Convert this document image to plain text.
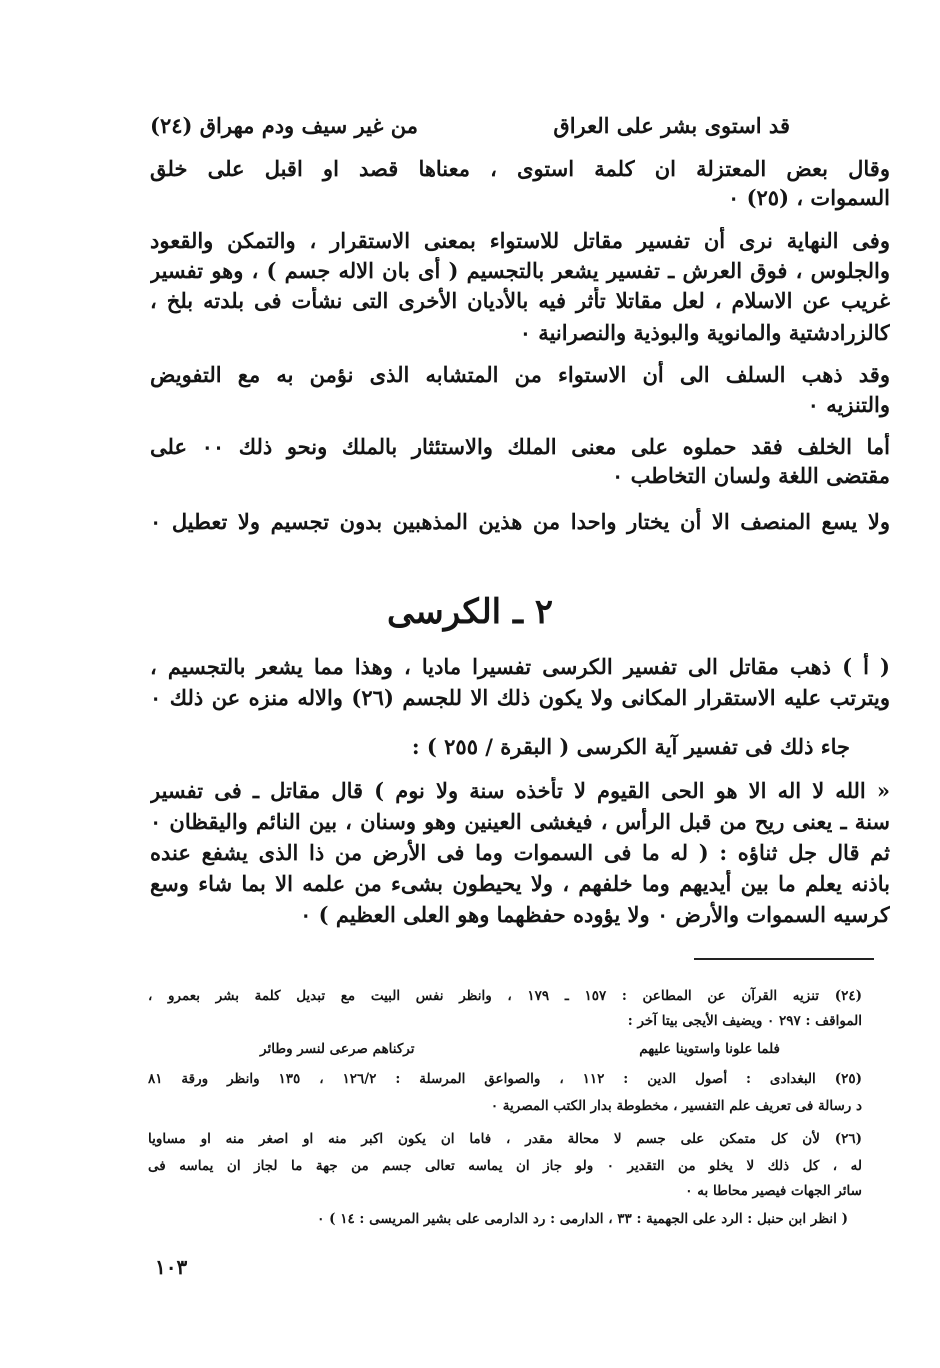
قد استوى بشر على العراق
من غير سيف ودم مهراق (٢٤)
وقال بعض المعتزلة ان كلمة استوى ، معناها قصد او اقبل على خلق
السموات ، (٢٥) ٠
وفى النهاية نرى أن تفسير مقاتل للاستواء بمعنى الاستقرار ، والتمكن والقعود
والجلوس ، فوق العرش ـ تفسير يشعر بالتجسيم ( أى بان الاله جسم ) ، وهو تفسير
غريب عن الاسلام ، لعل مقاتلا تأثر فيه بالأديان الأخرى التى نشأت فى بلدته بلخ ،
كالزرادشتية والمانوية والبوذية والنصرانية ٠
وقد ذهب السلف الى أن الاستواء من المتشابه الذى نؤمن به مع التفويض
والتنزيه ٠
أما الخلف فقد حملوه على معنى الملك والاستئثار بالملك ونحو ذلك ٠٠ على
مقتضى اللغة ولسان التخاطب ٠
ولا يسع المنصف الا أن يختار واحدا من هذين المذهبين بدون تجسيم ولا تعطيل ٠
٢ ـ الكرسى
( أ ) ذهب مقاتل الى تفسير الكرسى تفسيرا ماديا ، وهذا مما يشعر بالتجسيم ،
ويترتب عليه الاستقرار المكانى ولا يكون ذلك الا للجسم (٢٦) والاله منزه عن ذلك ٠
جاء ذلك فى تفسير آية الكرسى ( البقرة / ٢٥٥ ) :
« الله لا اله الا هو الحى القيوم لا تأخذه سنة ولا نوم ) قال مقاتل ـ فى تفسير
سنة ـ يعنى ريح من قبل الرأس ، فيغشى العينين وهو وسنان ، بين النائم واليقظان ٠
ثم قال جل ثناؤه : ( له ما فى السموات وما فى الأرض من ذا الذى يشفع عنده
باذنه يعلم ما بين أيديهم وما خلفهم ، ولا يحيطون بشىء من علمه الا بما شاء وسع
كرسيه السموات والأرض ٠ ولا يؤوده حفظهما وهو العلى العظيم ) ٠
(٢٤) تنزيه القرآن عن المطاعن : ١٥٧ ـ ١٧٩ ، وانظر نفس البيت مع تبديل كلمة بشر بعمرو ،
المواقف : ٢٩٧ ٠ ويضيف الأيجى بيتا آخر :
فلما علونا واستوينا عليهم
تركناهم صرعى لنسر وطائر
(٢٥) البغدادى : أصول الدين : ١١٢ ، والصواعق المرسلة : ١٢٦/٢ ، ١٣٥ وانظر ورقة ٨١
د رسالة فى تعريف علم التفسير ، مخطوطة بدار الكتب المصرية ٠
(٢٦) لأن كل متمكن على جسم لا محالة مقدر ، فاما ان يكون اكبر منه او اصغر منه او مساويا
له ، كل ذلك لا يخلو من التقدير ٠ ولو جاز ان يماسه تعالى جسم من جهة ما لجاز ان يماسه فى
سائر الجهات فيصير محاطا به ٠
( انظر ابن حنبل : الرد على الجهمية : ٣٣ ، الدارمى : رد الدارمى على بشير المريسى : ١٤ ) ٠
١٠٣
